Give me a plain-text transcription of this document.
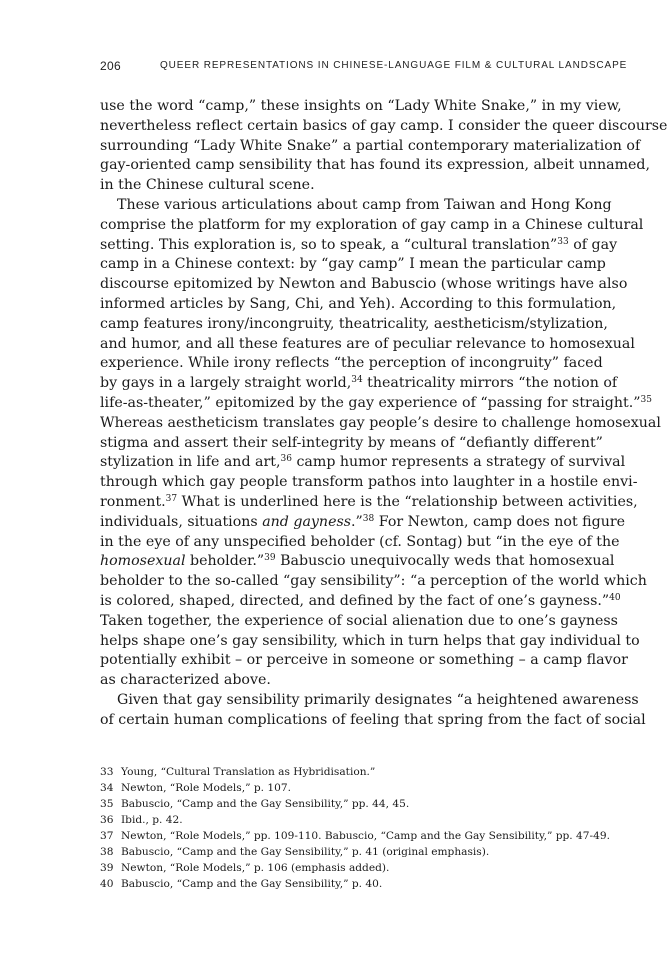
206	QUEER REPRESENTATIONS IN CHINESE-LANGUAGE FILM & CULTURAL LANDSCAPE
use the word “camp,” these insights on “Lady White Snake,” in my view,
nevertheless reflect certain basics of gay camp. I consider the queer discourse
surrounding “Lady White Snake” a partial contemporary materialization of
gay-oriented camp sensibility that has found its expression, albeit unnamed,
in the Chinese cultural scene.
These various articulations about camp from Taiwan and Hong Kong
comprise the platform for my exploration of gay camp in a Chinese cultural
setting. This exploration is, so to speak, a “cultural translation”$^{33}$ of gay
camp in a Chinese context: by “gay camp” I mean the particular camp
discourse epitomized by Newton and Babuscio (whose writings have also
informed articles by Sang, Chi, and Yeh). According to this formulation,
camp features irony/incongruity, theatricality, aestheticism/stylization,
and humor, and all these features are of peculiar relevance to homosexual
experience. While irony reflects “the perception of incongruity” faced
by gays in a largely straight world,$^{34}$ theatricality mirrors “the notion of
life-as-theater,” epitomized by the gay experience of “passing for straight.”$^{35}$
Whereas aestheticism translates gay people’s desire to challenge homosexual
stigma and assert their self-integrity by means of “defiantly different”
stylization in life and art,$^{36}$ camp humor represents a strategy of survival
through which gay people transform pathos into laughter in a hostile envi-
ronment.$^{37}$ What is underlined here is the “relationship between activities,
individuals, situations and gayness.”$^{38}$ For Newton, camp does not figure
in the eye of any unspecified beholder (cf. Sontag) but “in the eye of the
homosexual beholder.”$^{39}$ Babuscio unequivocally weds that homosexual
beholder to the so-called “gay sensibility”: “a perception of the world which
is colored, shaped, directed, and defined by the fact of one’s gayness.”$^{40}$
Taken together, the experience of social alienation due to one’s gayness
helps shape one’s gay sensibility, which in turn helps that gay individual to
potentially exhibit – or perceive in someone or something – a camp flavor
as characterized above.
Given that gay sensibility primarily designates “a heightened awareness
of certain human complications of feeling that spring from the fact of social
33 Young, “Cultural Translation as Hybridisation.”
34 Newton, “Role Models,” p. 107.
35 Babuscio, “Camp and the Gay Sensibility,” pp. 44, 45.
36 Ibid., p. 42.
37 Newton, “Role Models,” pp. 109-110. Babuscio, “Camp and the Gay Sensibility,” pp. 47-49.
38 Babuscio, “Camp and the Gay Sensibility,” p. 41 (original emphasis).
39 Newton, “Role Models,” p. 106 (emphasis added).
40 Babuscio, “Camp and the Gay Sensibility,” p. 40.
